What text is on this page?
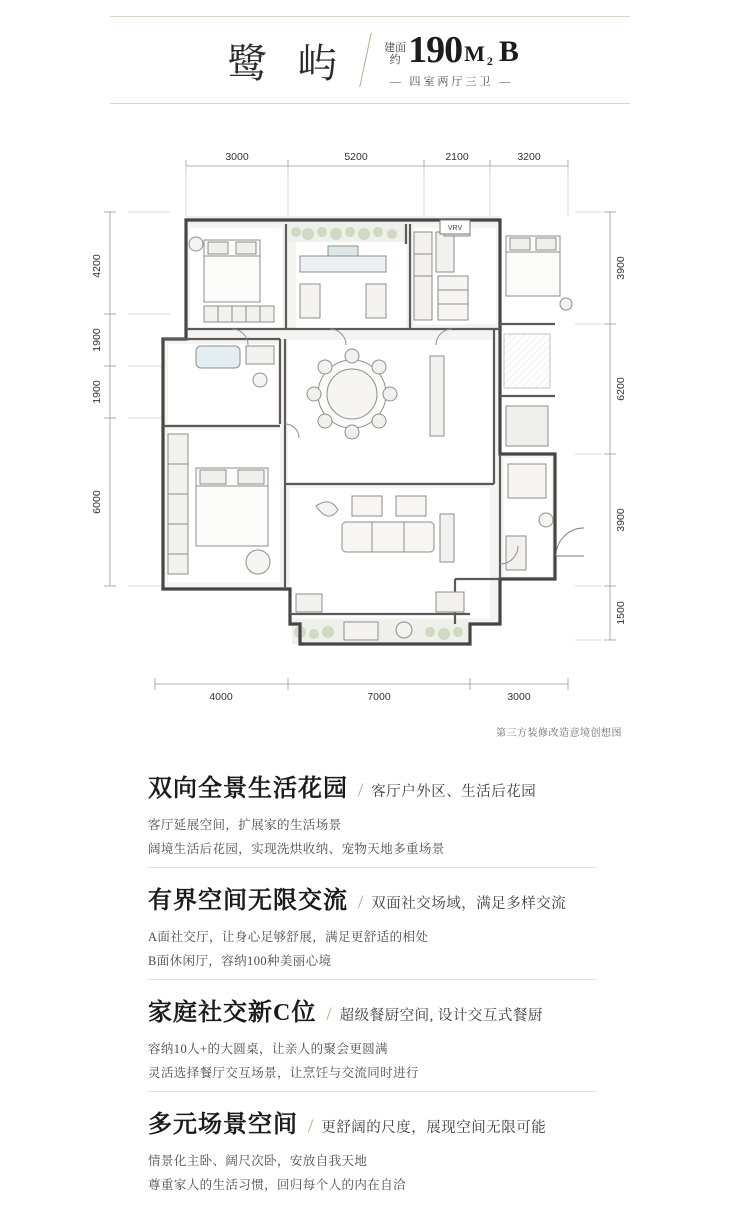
鹭 屿	建面
约 190 M 2 B
— 四室两厅三卫 —
VRV
3000	5200	2100	3200
4000	7000	3000
4200
1900
1900
6000
3900
6200
3900
1500
第三方装修改造意境创想图
双向全景生活花园 / 客厅户外区、生活后花园
客厅延展空间，扩展家的生活场景
阔境生活后花园，实现洗烘收纳、宠物天地多重场景
有界空间无限交流 / 双面社交场域，满足多样交流
A面社交厅，让身心足够舒展，满足更舒适的相处
B面休闲厅，容纳100种美丽心境
家庭社交新C位 / 超级餐厨空间, 设计交互式餐厨
容纳10人+的大圆桌，让亲人的聚会更圆满
灵活选择餐厅交互场景，让烹饪与交流同时进行
多元场景空间 / 更舒阔的尺度，展现空间无限可能
情景化主卧、阔尺次卧，安放自我天地
尊重家人的生活习惯，回归每个人的内在自洽
